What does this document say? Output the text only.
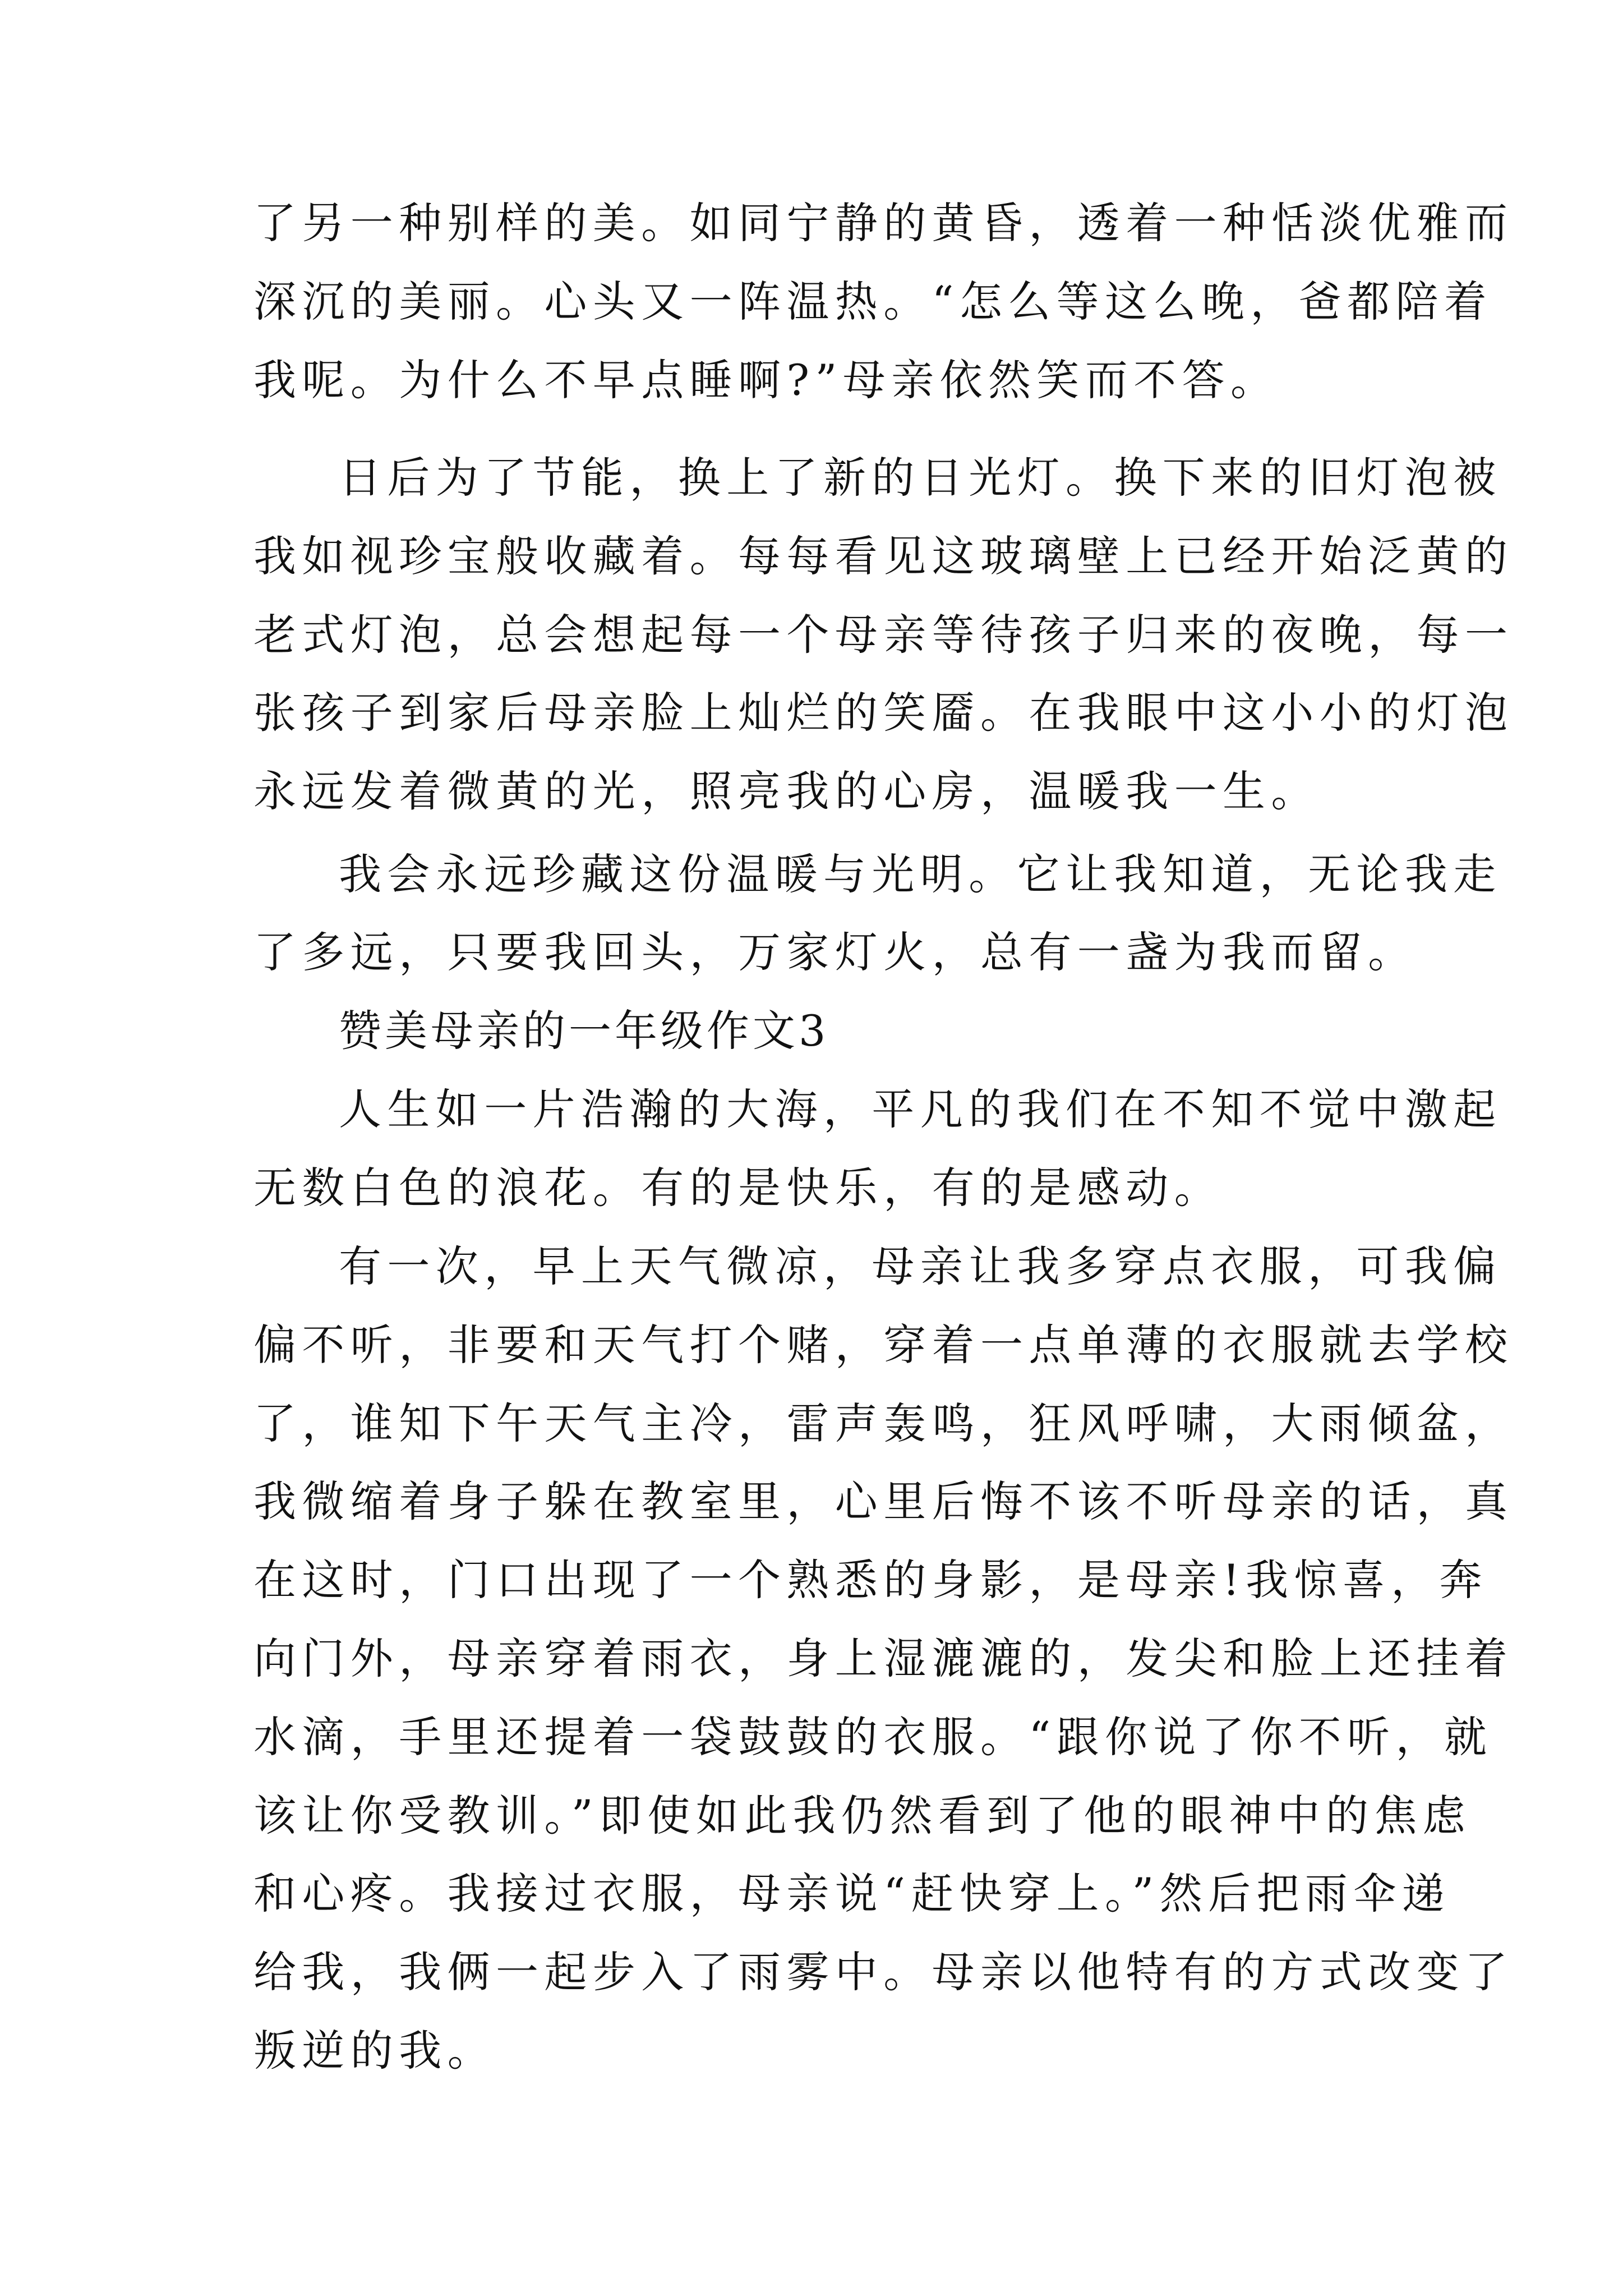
了另一种别样的美。如同宁静的黄昏，透着一种恬淡优雅而

深沉的美丽。心头又一阵温热。“怎么等这么晚，爸都陪着

我呢。为什么不早点睡啊?”母亲依然笑而不答。

日后为了节能，换上了新的日光灯。换下来的旧灯泡被

我如视珍宝般收藏着。每每看见这玻璃壁上已经开始泛黄的

老式灯泡，总会想起每一个母亲等待孩子归来的夜晚，每一

张孩子到家后母亲脸上灿烂的笑靥。在我眼中这小小的灯泡

永远发着微黄的光，照亮我的心房，温暖我一生。

我会永远珍藏这份温暖与光明。它让我知道，无论我走

了多远，只要我回头，万家灯火，总有一盏为我而留。

赞美母亲的一年级作文3

人生如一片浩瀚的大海，平凡的我们在不知不觉中激起

无数白色的浪花。有的是快乐，有的是感动。

有一次，早上天气微凉，母亲让我多穿点衣服，可我偏

偏不听，非要和天气打个赌，穿着一点单薄的衣服就去学校

了，谁知下午天气主冷，雷声轰鸣，狂风呼啸，大雨倾盆，

我微缩着身子躲在教室里，心里后悔不该不听母亲的话，真

在这时，门口出现了一个熟悉的身影，是母亲!我惊喜，奔

向门外，母亲穿着雨衣，身上湿漉漉的，发尖和脸上还挂着

水滴，手里还提着一袋鼓鼓的衣服。“跟你说了你不听，就

该让你受教训。”即使如此我仍然看到了他的眼神中的焦虑

和心疼。我接过衣服，母亲说“赶快穿上。”然后把雨伞递

给我，我俩一起步入了雨雾中。母亲以他特有的方式改变了

叛逆的我。
